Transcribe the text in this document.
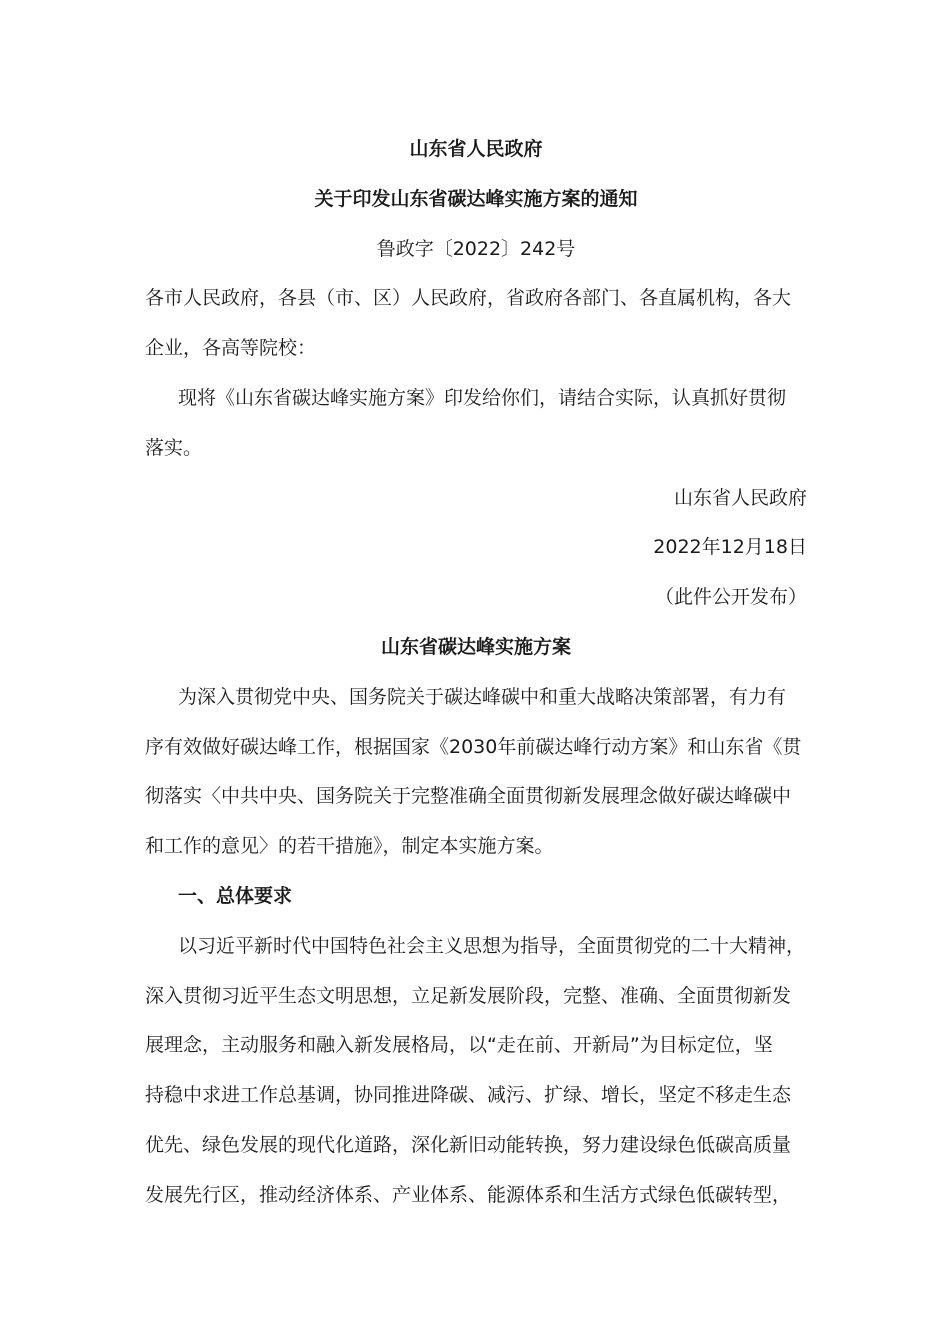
山东省人民政府
关于印发山东省碳达峰实施方案的通知
鲁政字〔2022〕242号
各市人民政府，各县（市、区）人民政府，省政府各部门、各直属机构，各大
企业，各高等院校：
现将《山东省碳达峰实施方案》印发给你们，请结合实际，认真抓好贯彻
落实。
山东省人民政府
2022年12月18日
（此件公开发布）
山东省碳达峰实施方案
为深入贯彻党中央、国务院关于碳达峰碳中和重大战略决策部署，有力有
序有效做好碳达峰工作，根据国家《2030年前碳达峰行动方案》和山东省《贯
彻落实〈中共中央、国务院关于完整准确全面贯彻新发展理念做好碳达峰碳中
和工作的意见〉的若干措施》，制定本实施方案。
一、总体要求
以习近平新时代中国特色社会主义思想为指导，全面贯彻党的二十大精神，
深入贯彻习近平生态文明思想，立足新发展阶段，完整、准确、全面贯彻新发
展理念，主动服务和融入新发展格局，以“走在前、开新局”为目标定位，坚
持稳中求进工作总基调，协同推进降碳、减污、扩绿、增长，坚定不移走生态
优先、绿色发展的现代化道路，深化新旧动能转换，努力建设绿色低碳高质量
发展先行区，推动经济体系、产业体系、能源体系和生活方式绿色低碳转型，
